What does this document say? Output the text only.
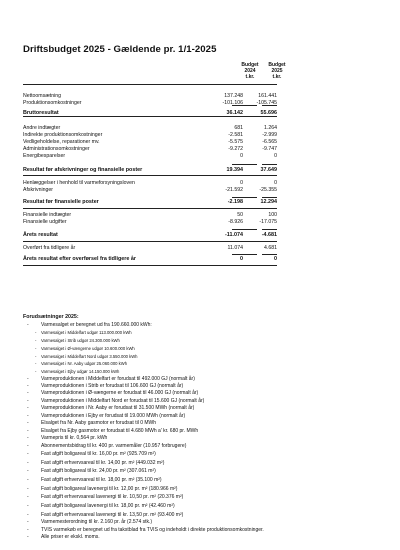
Driftsbudget 2025 - Gældende pr. 1/1-2025
Budget
2024
t.kr.
Budget
2025
t.kr.
Nettoomsætning	137.248	161.441
Produktionsomkostninger	-101.106	-105.745
Bruttoresultat	36.142	55.696
Andre indtægter	681	1.264
Indirekte produktionsomkostninger	-2.581	-2.999
Vedligeholdelse, reparationer mv.	-5.575	-6.565
Administrationsomkostninger	-9.272	-9.747
Energibesparelser	0	0
Resultat før afskrivninger og finansielle poster	19.394	37.649
Henlæggelser i henhold til varmeforsyningsloven	0	0
Afskrivninger	-21.592	-25.355
Resultat før finansielle poster	-2.198	12.294
Finansielle indtægter	50	100
Finansielle udgifter	-8.926	-17.075
Årets resultat	-11.074	-4.681
Overført fra tidligere år	11.074	4.681
Årets resultat efter overførsel fra tidligere år	0	0
Forudsætninger 2025:
- Varmesalget er beregnet ud fra 190.660.000 kWh:
- Varmesalget i Middelfart udgør 113.000.000 kWh
- Varmesalget i Strib udgør 24.300.000 kWh
- Varmesalget i Ø-vængerne udgør 10.600.000 kWh
- Varmesalget i Middelfart Nord udgør 3.550.000 kWh
- Varmesalget i Nr. Aaby udgør 25.060.000 kWh
- Varmesalget i Ejby udgør 14.150.000 kWh
- Varmeproduktionen i Middelfart er forudsat til 492.000 GJ (normalt år)
- Varmeproduktionen i Strib er forudsat til 106.600 GJ (normalt år)
- Varmeproduktionen i Ø-vængerne er forudsat til 46.000 GJ (normalt år)
- Varmeproduktionen i Middelfart Nord er forudsat til 15.600 GJ (normalt år)
- Varmeproduktionen i Nr. Aaby er forudsat til 31.500 MWh (normalt år)
- Varmeproduktionen i Ejby er forudsat til 19.000 MWh (normalt år)
- Elsalget fra Nr. Aaby gasmotor er forudsat til 0 MWh
- Elsalget fra Ejby gasmotor er forudsat til 4.680 MWh a' kr. 680 pr. MWh
- Varmepris til kr. 0,564 pr. kWh
- Abonnementsbidrag til kr. 400 pr. varmemåler (10.957 forbrugere)
- Fast afgift boligareal til kr. 16,00 pr. m² (925.709 m²)
- Fast afgift erhvervsareal til kr. 14,00 pr. m² (449.032 m²)
- Fast afgift boligareal til kr. 24,00 pr. m² (307.061 m²)
- Fast afgift erhvervsareal til kr. 18,00 pr. m² (35.100 m²)
- Fast afgift boligareal lavenergi til kr. 12,00 pr. m² (180.966 m²)
- Fast afgift erhvervsareal lavenergi til kr. 10,50 pr. m² (20.376 m²)
- Fast afgift boligareal lavenergi til kr. 18,00 pr. m² (42.460 m²)
- Fast afgift erhvervsareal lavenergi til kr. 13,50 pr. m² (93.400 m²)
- Varmemesterordning til kr. 2.160 pr. år (2.574 stk.)
- TVIS varmekøb er beregnet ud fra takstblad fra TVIS og indeholdt i direkte produktionsomkostninger.
- Alle priser er ekskl. moms.
